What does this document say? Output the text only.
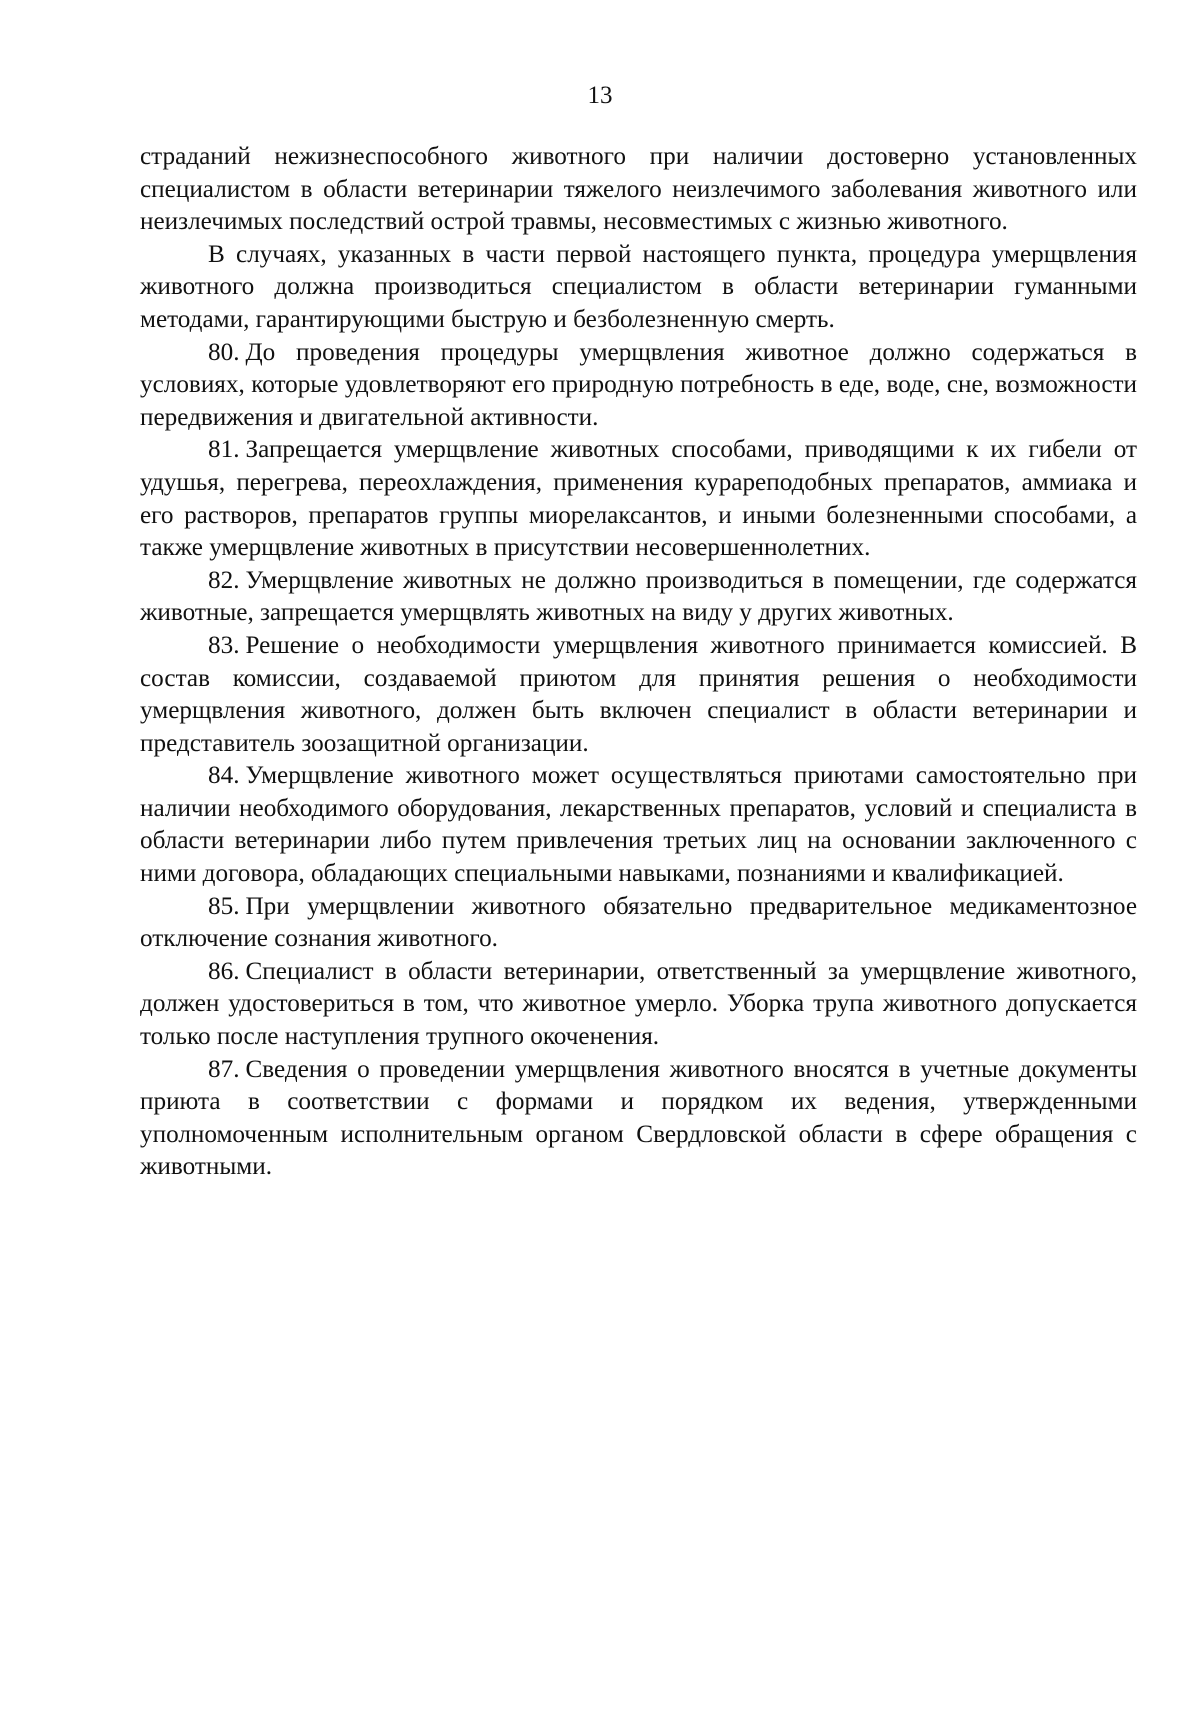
13

страданий нежизнеспособного животного при наличии достоверно установленных специалистом в области ветеринарии тяжелого неизлечимого заболевания животного или неизлечимых последствий острой травмы, несовместимых с жизнью животного.

В случаях, указанных в части первой настоящего пункта, процедура умерщвления животного должна производиться специалистом в области ветеринарии гуманными методами, гарантирующими быструю и безболезненную смерть.

80. До проведения процедуры умерщвления животное должно содержаться в условиях, которые удовлетворяют его природную потребность в еде, воде, сне, возможности передвижения и двигательной активности.

81. Запрещается умерщвление животных способами, приводящими к их гибели от удушья, перегрева, переохлаждения, применения курареподобных препаратов, аммиака и его растворов, препаратов группы миорелаксантов, и иными болезненными способами, а также умерщвление животных в присутствии несовершеннолетних.

82. Умерщвление животных не должно производиться в помещении, где содержатся животные, запрещается умерщвлять животных на виду у других животных.

83. Решение о необходимости умерщвления животного принимается комиссией. В состав комиссии, создаваемой приютом для принятия решения о необходимости умерщвления животного, должен быть включен специалист в области ветеринарии и представитель зоозащитной организации.

84. Умерщвление животного может осуществляться приютами самостоятельно при наличии необходимого оборудования, лекарственных препаратов, условий и специалиста в области ветеринарии либо путем привлечения третьих лиц на основании заключенного с ними договора, обладающих специальными навыками, познаниями и квалификацией.

85. При умерщвлении животного обязательно предварительное медикаментозное отключение сознания животного.

86. Специалист в области ветеринарии, ответственный за умерщвление животного, должен удостовериться в том, что животное умерло. Уборка трупа животного допускается только после наступления трупного окоченения.

87. Сведения о проведении умерщвления животного вносятся в учетные документы приюта в соответствии с формами и порядком их ведения, утвержденными уполномоченным исполнительным органом Свердловской области в сфере обращения с животными.
